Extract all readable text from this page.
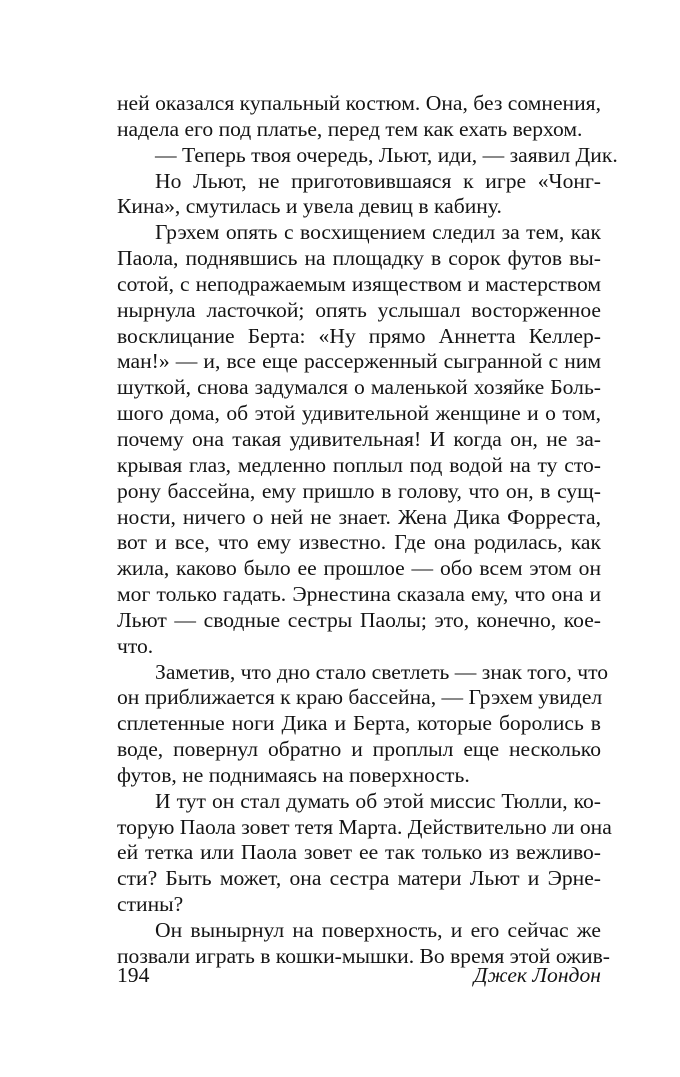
ней оказался купальный костюм. Она, без сомнения,
надела его под платье, перед тем как ехать верхом.
— Теперь твоя очередь, Льют, иди, — заявил Дик.
Но Льют, не приготовившаяся к игре «Чонг-
Кина», смутилась и увела девиц в кабину.
Грэхем опять с восхищением следил за тем, как
Паола, поднявшись на площадку в сорок футов вы-
сотой, с неподражаемым изяществом и мастерством
нырнула ласточкой; опять услышал восторженное
восклицание Берта: «Ну прямо Аннетта Келлер-
ман!» — и, все еще рассерженный сыгранной с ним
шуткой, снова задумался о маленькой хозяйке Боль-
шого дома, об этой удивительной женщине и о том,
почему она такая удивительная! И когда он, не за-
крывая глаз, медленно поплыл под водой на ту сто-
рону бассейна, ему пришло в голову, что он, в сущ-
ности, ничего о ней не знает. Жена Дика Форреста,
вот и все, что ему известно. Где она родилась, как
жила, каково было ее прошлое — обо всем этом он
мог только гадать. Эрнестина сказала ему, что она и
Льют — сводные сестры Паолы; это, конечно, кое-
что.
Заметив, что дно стало светлеть — знак того, что
он приближается к краю бассейна, — Грэхем увидел
сплетенные ноги Дика и Берта, которые боролись в
воде, повернул обратно и проплыл еще несколько
футов, не поднимаясь на поверхность.
И тут он стал думать об этой миссис Тюлли, ко-
торую Паола зовет тетя Марта. Действительно ли она
ей тетка или Паола зовет ее так только из вежливо-
сти? Быть может, она сестра матери Льют и Эрне-
стины?
Он вынырнул на поверхность, и его сейчас же
позвали играть в кошки-мышки. Во время этой ожив-
194	Джек Лондон
